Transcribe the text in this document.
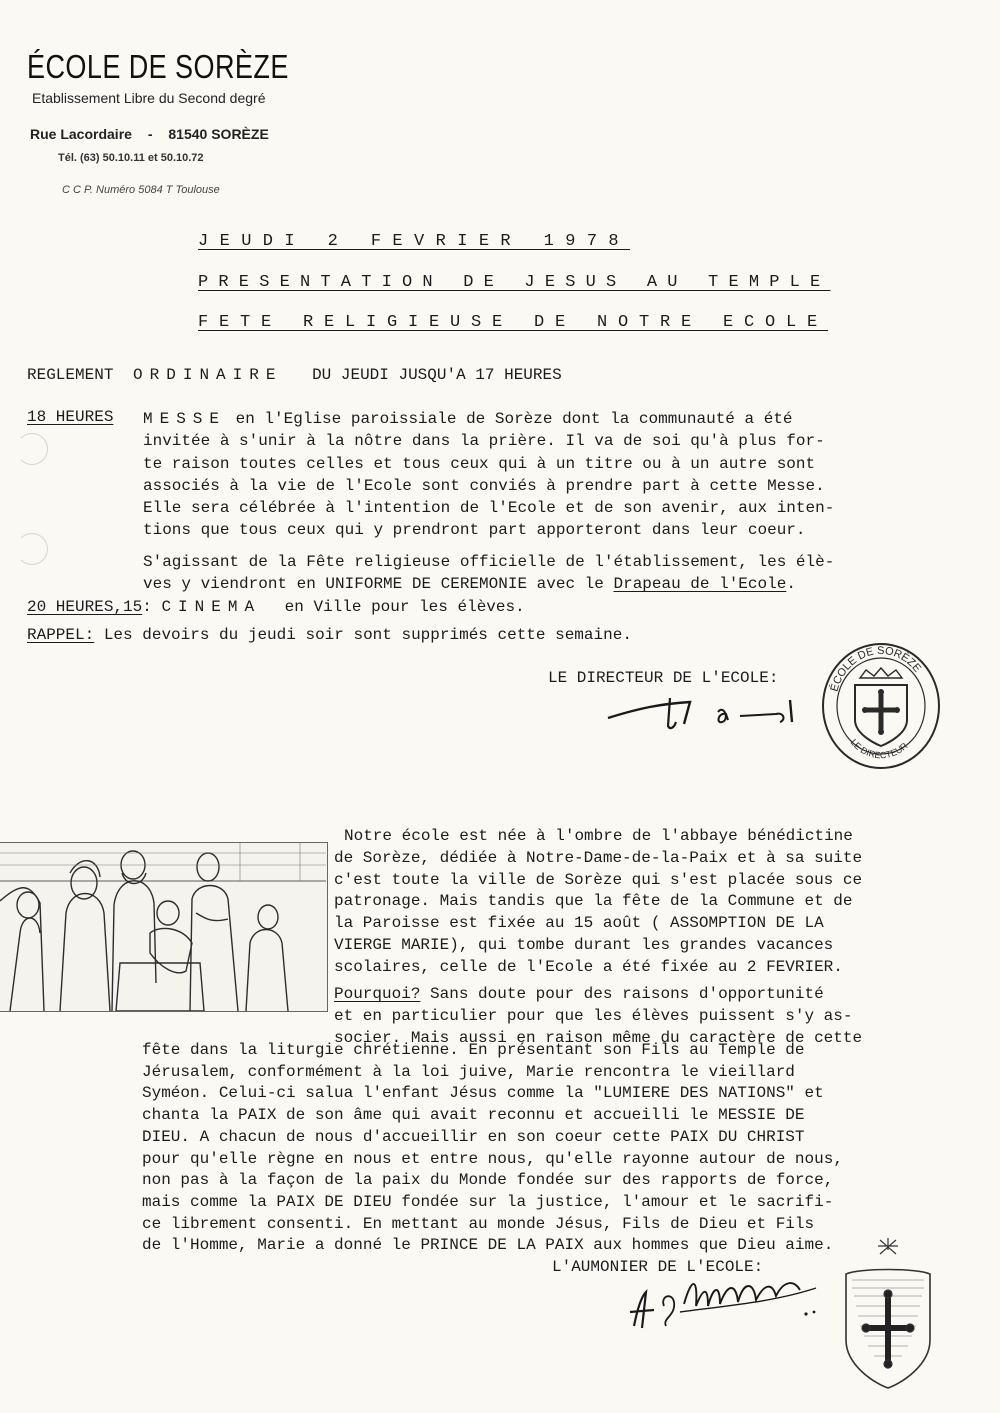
ÉCOLE DE SORÈZE
Etablissement Libre du Second degré
Rue Lacordaire - 81540 SORÈZE
Tél. (63) 50.10.11 et 50.10.72
C C P. Numéro 5084 T Toulouse
JEUDI 2 FEVRIER 1978
PRESENTATION DE JESUS AU TEMPLE
FETE RELIGIEUSE DE NOTRE ECOLE
REGLEMENT ORDINAIRE DU JEUDI JUSQU'A 17 HEURES
18 HEURES MESSE en l'Eglise paroissiale de Sorèze dont la communauté a été
invitée à s'unir à la nôtre dans la prière. Il va de soi qu'à plus for-
te raison toutes celles et tous ceux qui à un titre ou à un autre sont
associés à la vie de l'Ecole sont conviés à prendre part à cette Messe.
Elle sera célébrée à l'intention de l'Ecole et de son avenir, aux inten-
tions que tous ceux qui y prendront part apporteront dans leur coeur.
S'agissant de la Fête religieuse officielle de l'établissement, les élè-
ves y viendront en UNIFORME DE CEREMONIE avec le Drapeau de l'Ecole.
20 HEURES,15: CINEMA en Ville pour les élèves.
RAPPEL: Les devoirs du jeudi soir sont supprimés cette semaine.
LE DIRECTEUR DE L'ECOLE:
ÉCOLE DE SORÈZE
LE DIRECTEUR
Notre école est née à l'ombre de l'abbaye bénédictine
de Sorèze, dédiée à Notre-Dame-de-la-Paix et à sa suite
c'est toute la ville de Sorèze qui s'est placée sous ce
patronage. Mais tandis que la fête de la Commune et de
la Paroisse est fixée au 15 août ( ASSOMPTION DE LA
VIERGE MARIE), qui tombe durant les grandes vacances
scolaires, celle de l'Ecole a été fixée au 2 FEVRIER.
Pourquoi? Sans doute pour des raisons d'opportunité
et en particulier pour que les élèves puissent s'y as-
socier. Mais aussi en raison même du caractère de cette
fête dans la liturgie chrétienne. En présentant son Fils au Temple de
Jérusalem, conformément à la loi juive, Marie rencontra le vieillard
Syméon. Celui-ci salua l'enfant Jésus comme la "LUMIERE DES NATIONS" et
chanta la PAIX de son âme qui avait reconnu et accueilli le MESSIE DE
DIEU. A chacun de nous d'accueillir en son coeur cette PAIX DU CHRIST
pour qu'elle règne en nous et entre nous, qu'elle rayonne autour de nous,
non pas à la façon de la paix du Monde fondée sur des rapports de force,
mais comme la PAIX DE DIEU fondée sur la justice, l'amour et le sacrifi-
ce librement consenti. En mettant au monde Jésus, Fils de Dieu et Fils
de l'Homme, Marie a donné le PRINCE DE LA PAIX aux hommes que Dieu aime.
L'AUMONIER DE L'ECOLE:
